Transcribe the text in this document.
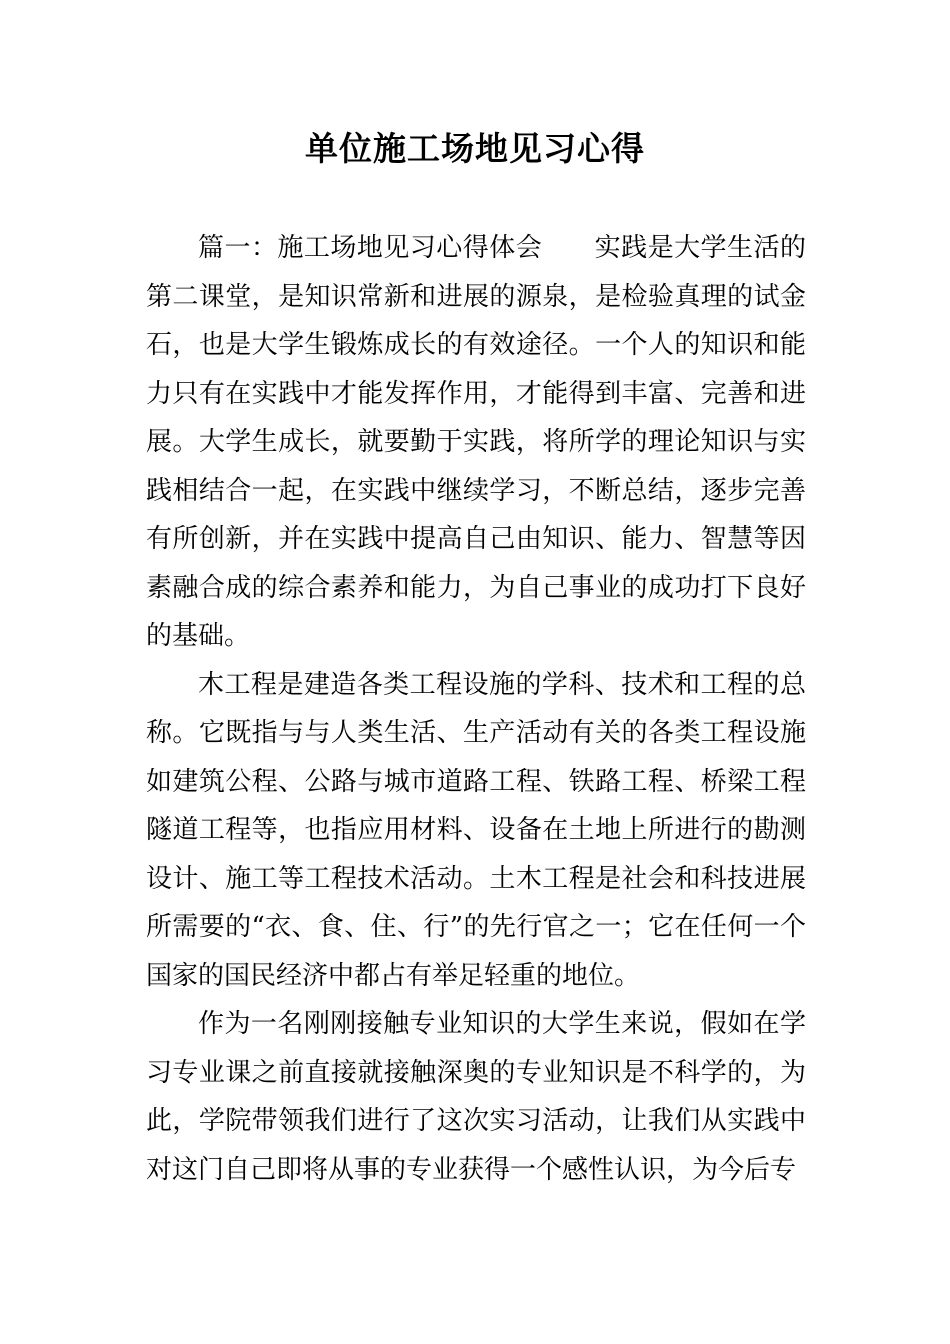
单位施工场地见习心得

篇一：施工场地见习心得体会 实践是大学生活的第二课堂，是知识常新和进展的源泉，是检验真理的试金石，也是大学生锻炼成长的有效途径。一个人的知识和能力只有在实践中才能发挥作用，才能得到丰富、完善和进展。大学生成长，就要勤于实践，将所学的理论知识与实践相结合一起，在实践中继续学习，不断总结，逐步完善有所创新，并在实践中提高自己由知识、能力、智慧等因素融合成的综合素养和能力，为自己事业的成功打下良好的基础。

木工程是建造各类工程设施的学科、技术和工程的总称。它既指与与人类生活、生产活动有关的各类工程设施如建筑公程、公路与城市道路工程、铁路工程、桥梁工程隧道工程等，也指应用材料、设备在土地上所进行的勘测设计、施工等工程技术活动。土木工程是社会和科技进展所需要的“衣、食、住、行”的先行官之一；它在任何一个国家的国民经济中都占有举足轻重的地位。

作为一名刚刚接触专业知识的大学生来说，假如在学习专业课之前直接就接触深奥的专业知识是不科学的，为此，学院带领我们进行了这次实习活动，让我们从实践中对这门自己即将从事的专业获得一个感性认识，为今后专
